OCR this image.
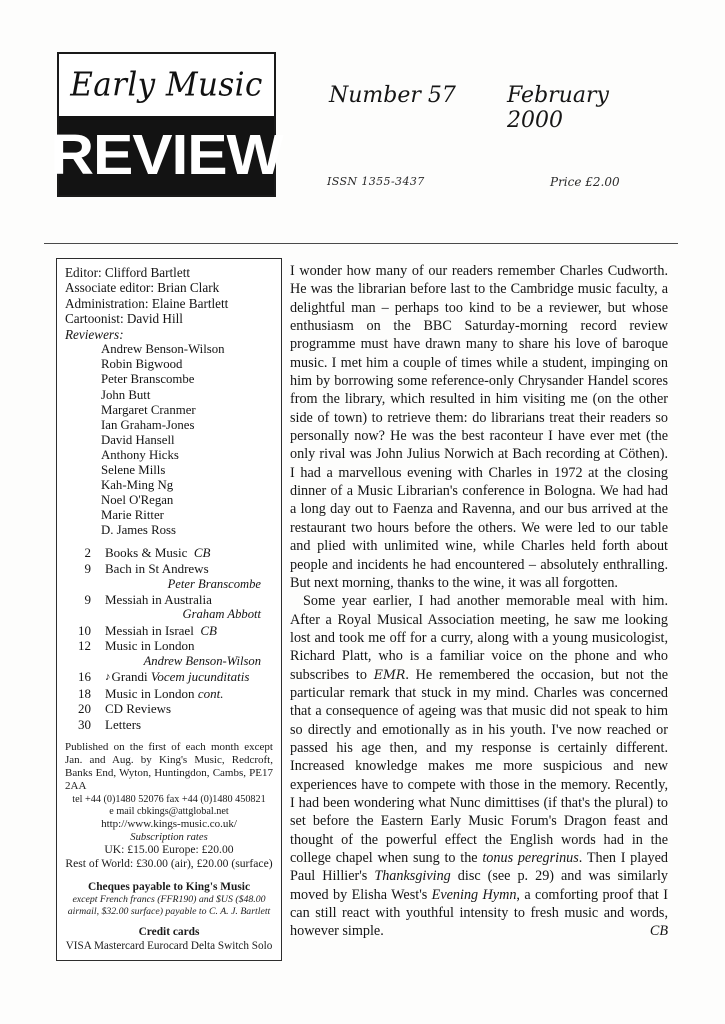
Early Music
REVIEW
Number 57 February 2000
ISSN 1355-3437	Price £2.00
Editor: Clifford Bartlett
Associate editor: Brian Clark
Administration: Elaine Bartlett
Cartoonist: David Hill
Reviewers:
Andrew Benson-Wilson
Robin Bigwood
Peter Branscombe
John Butt
Margaret Cranmer
Ian Graham-Jones
David Hansell
Anthony Hicks
Selene Mills
Kah-Ming Ng
Noel O'Regan
Marie Ritter
D. James Ross
2	Books & Music CB
9	Bach in St Andrews
Peter Branscombe
9	Messiah in Australia
Graham Abbott
10	Messiah in Israel CB
12	Music in London
Andrew Benson-Wilson
16	♪Grandi Vocem jucunditatis
18	Music in London cont.
20	CD Reviews
30	Letters
Published on the first of each month except Jan. and Aug. by King's Music, Redcroft, Banks End, Wyton, Huntingdon, Cambs, PE17 2AA
tel +44 (0)1480 52076 fax +44 (0)1480 450821
e mail cbkings@attglobal.net
http://www.kings-music.co.uk/
Subscription rates
UK: £15.00 Europe: £20.00
Rest of World: £30.00 (air), £20.00 (surface)
Cheques payable to King's Music
except French francs (FFR190) and $US ($48.00 airmail, $32.00 surface) payable to C. A. J. Bartlett
Credit cards
VISA Mastercard Eurocard Delta Switch Solo

I wonder how many of our readers remember Charles Cudworth. He was the librarian before last to the Cambridge music faculty, a delightful man – perhaps too kind to be a reviewer, but whose enthusiasm on the BBC Saturday-morning record review programme must have drawn many to share his love of baroque music. I met him a couple of times while a student, impinging on him by borrowing some reference-only Chrysander Handel scores from the library, which resulted in him visiting me (on the other side of town) to retrieve them: do librarians treat their readers so personally now? He was the best raconteur I have ever met (the only rival was John Julius Norwich at Bach recording at Cöthen). I had a marvellous evening with Charles in 1972 at the closing dinner of a Music Librarian's conference in Bologna. We had had a long day out to Faenza and Ravenna, and our bus arrived at the restaurant two hours before the others. We were led to our table and plied with unlimited wine, while Charles held forth about people and incidents he had encountered – absolutely enthralling. But next morning, thanks to the wine, it was all forgotten.

Some year earlier, I had another memorable meal with him. After a Royal Musical Association meeting, he saw me looking lost and took me off for a curry, along with a young musicologist, Richard Platt, who is a familiar voice on the phone and who subscribes to EMR. He remembered the occasion, but not the particular remark that stuck in my mind. Charles was concerned that a consequence of ageing was that music did not speak to him so directly and emotionally as in his youth. I've now reached or passed his age then, and my response is certainly different. Increased knowledge makes me more suspicious and new experiences have to compete with those in the memory. Recently, I had been wondering what Nunc dimittises (if that's the plural) to set before the Eastern Early Music Forum's Dragon feast and thought of the powerful effect the English words had in the college chapel when sung to the tonus peregrinus. Then I played Paul Hillier's Thanksgiving disc (see p. 29) and was similarly moved by Elisha West's Evening Hymn, a comforting proof that I can still react with youthful intensity to fresh music and words, however simple.	CB
